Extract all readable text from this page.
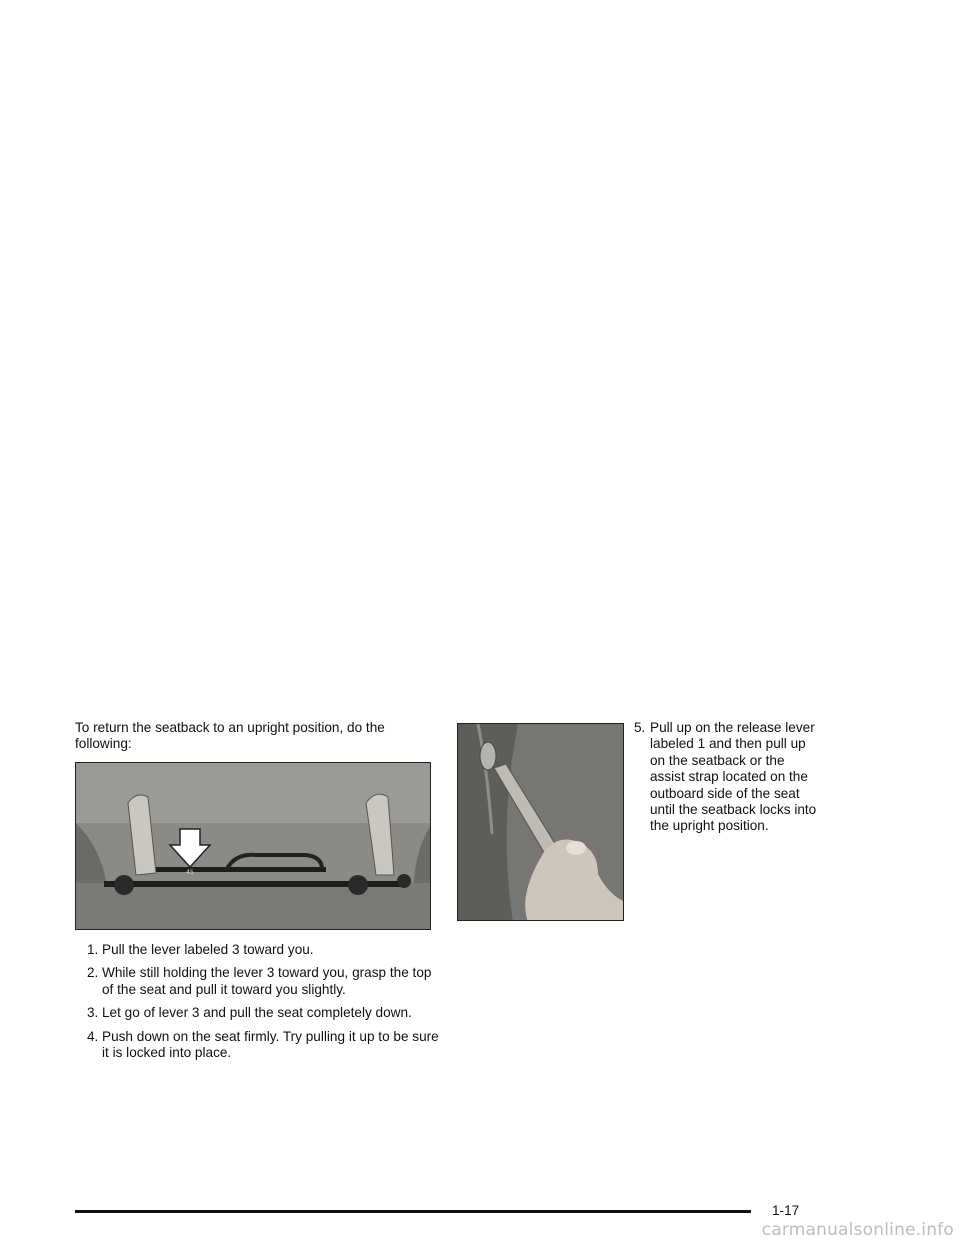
To return the seatback to an upright position, do the following:
45
1. Pull the lever labeled 3 toward you.
2. While still holding the lever 3 toward you, grasp the top of the seat and pull it toward you slightly.
3. Let go of lever 3 and pull the seat completely down.
4. Push down on the seat firmly. Try pulling it up to be sure it is locked into place.
5. Pull up on the release lever labeled 1 and then pull up on the seatback or the assist strap located on the outboard side of the seat until the seatback locks into the upright position.
1-17
carmanualsonline.info
